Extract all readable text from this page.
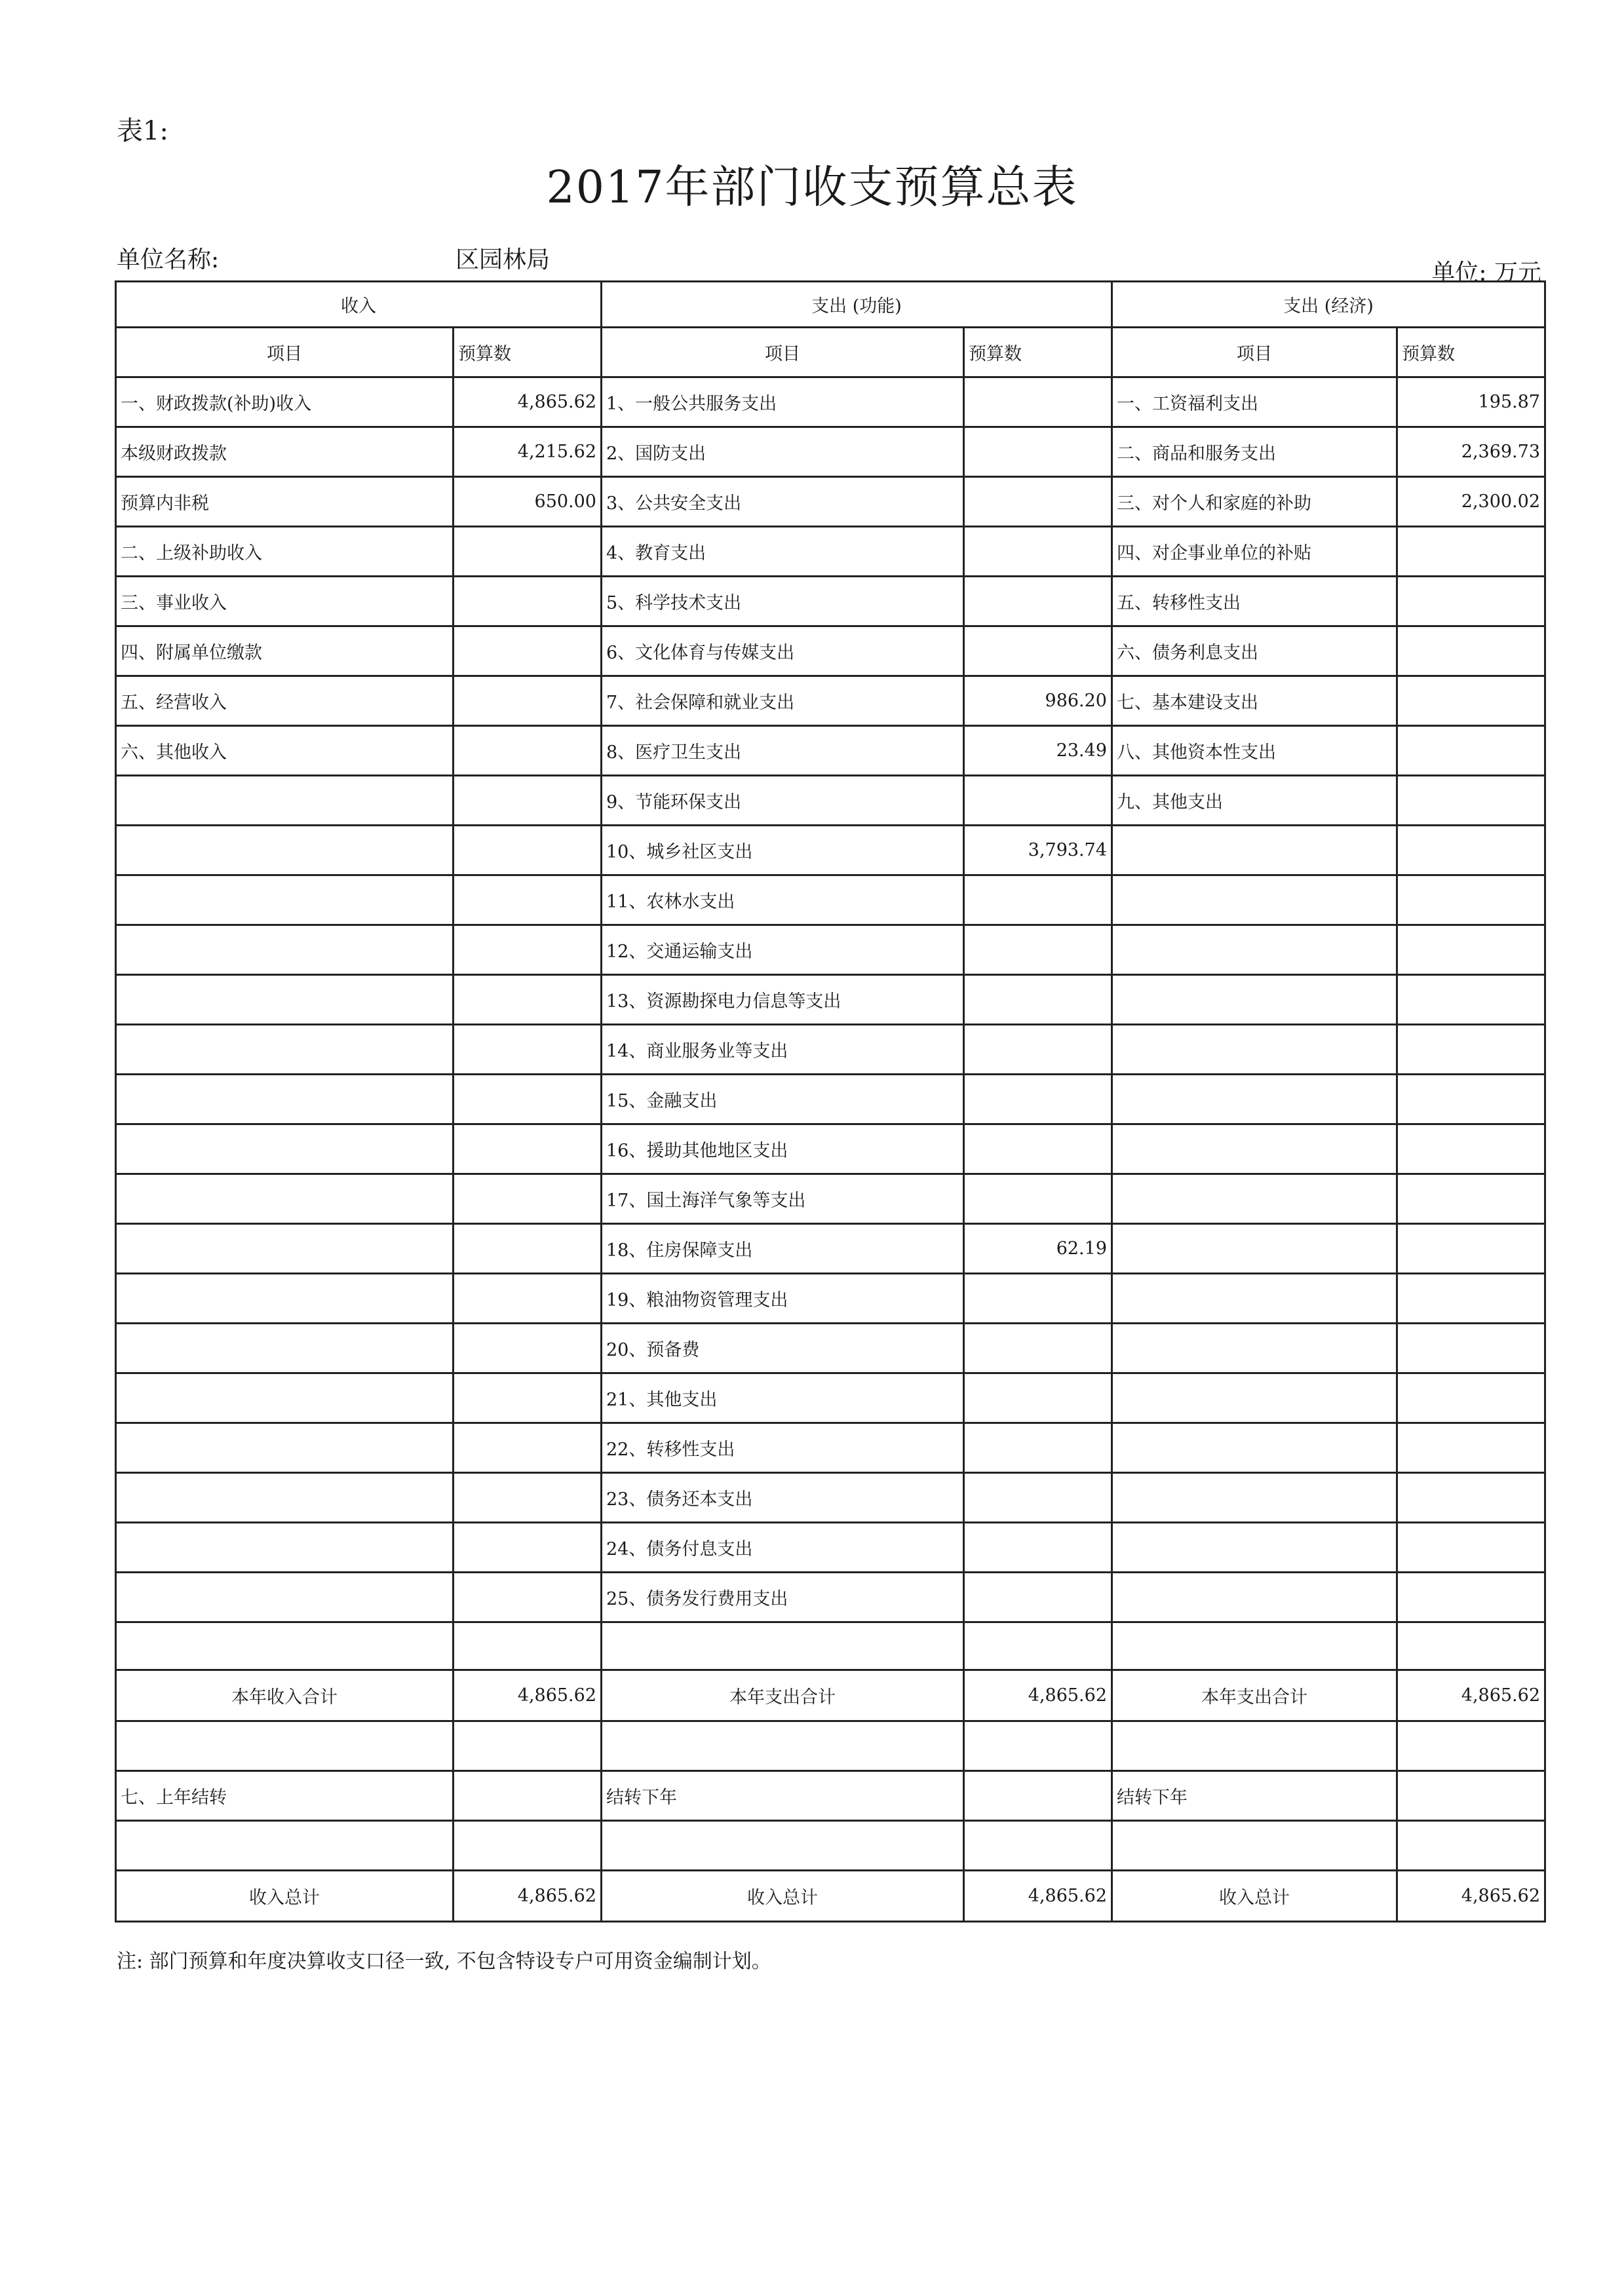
表1:
2017年部门收支预算总表
单位名称:	区园林局	单位: 万元
收入		支出 (功能)		支出 (经济)	
项目	预算数	项目	预算数	项目	预算数
一、财政拨款(补助)收入	4,865.62	1、一般公共服务支出		一、工资福利支出	195.87
本级财政拨款	4,215.62	2、国防支出		二、商品和服务支出	2,369.73
预算内非税	650.00	3、公共安全支出		三、对个人和家庭的补助	2,300.02
二、上级补助收入		4、教育支出		四、对企事业单位的补贴	
三、事业收入		5、科学技术支出		五、转移性支出	
四、附属单位缴款		6、文化体育与传媒支出		六、债务利息支出	
五、经营收入		7、社会保障和就业支出	986.20	七、基本建设支出	
六、其他收入		8、医疗卫生支出	23.49	八、其他资本性支出	
		9、节能环保支出		九、其他支出	
		10、城乡社区支出	3,793.74		
		11、农林水支出			
		12、交通运输支出			
		13、资源勘探电力信息等支出			
		14、商业服务业等支出			
		15、金融支出			
		16、援助其他地区支出			
		17、国土海洋气象等支出			
		18、住房保障支出	62.19		
		19、粮油物资管理支出			
		20、预备费			
		21、其他支出			
		22、转移性支出			
		23、债务还本支出			
		24、债务付息支出			
		25、债务发行费用支出			

本年收入合计	4,865.62	本年支出合计	4,865.62	本年支出合计	4,865.62

七、上年结转		结转下年		结转下年	

收入总计	4,865.62	收入总计	4,865.62	收入总计	4,865.62
注: 部门预算和年度决算收支口径一致, 不包含特设专户可用资金编制计划。
